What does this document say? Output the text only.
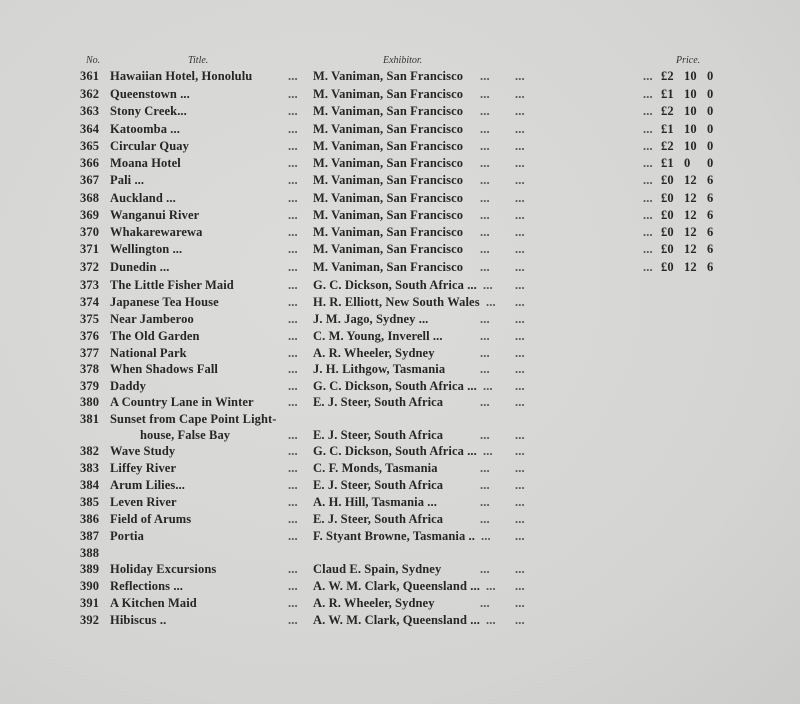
No.	Title.	Exhibitor.	Price.
361 Hawaiian Hotel, Honolulu	... M. Vaniman, San Francisco ... ...	... £2 10 0
362 Queenstown ...	... M. Vaniman, San Francisco ... ...	... £1 10 0
363 Stony Creek...	... M. Vaniman, San Francisco ... ...	... £2 10 0
364 Katoomba ...	... M. Vaniman, San Francisco ... ...	... £1 10 0
365 Circular Quay	... M. Vaniman, San Francisco ... ...	... £2 10 0
366 Moana Hotel	... M. Vaniman, San Francisco ... ...	... £1 0 0
367 Pali ...	... M. Vaniman, San Francisco ... ...	... £0 12 6
368 Auckland ...	... M. Vaniman, San Francisco ... ...	... £0 12 6
369 Wanganui River	... M. Vaniman, San Francisco ... ...	... £0 12 6
370 Whakarewarewa	... M. Vaniman, San Francisco ... ...	... £0 12 6
371 Wellington ...	... M. Vaniman, San Francisco ... ...	... £0 12 6
372 Dunedin ...	... M. Vaniman, San Francisco ... ...	... £0 12 6
373 The Little Fisher Maid	... G. C. Dickson, South Africa ... ... ...
374 Japanese Tea House	... H. R. Elliott, New South Wales ... ...
375 Near Jamberoo	... J. M. Jago, Sydney ...	... ...
376 The Old Garden	... C. M. Young, Inverell ...	... ...
377 National Park	... A. R. Wheeler, Sydney	... ...
378 When Shadows Fall	... J. H. Lithgow, Tasmania	... ...
379 Daddy	... G. C. Dickson, South Africa ... ... ...
380 A Country Lane in Winter	... E. J. Steer, South Africa	... ...
381 Sunset from Cape Point Light-
house, False Bay	... E. J. Steer, South Africa	... ...
382 Wave Study	... G. C. Dickson, South Africa ... ... ...
383 Liffey River	... C. F. Monds, Tasmania	... ...
384 Arum Lilies...	... E. J. Steer, South Africa	... ...
385 Leven River	... A. H. Hill, Tasmania ...	... ...
386 Field of Arums	... E. J. Steer, South Africa	... ...
387 Portia	... F. Styant Browne, Tasmania .. ... ...
388
389 Holiday Excursions	... Claud E. Spain, Sydney	... ...
390 Reflections ...	... A. W. M. Clark, Queensland ... ... ...
391 A Kitchen Maid	... A. R. Wheeler, Sydney	... ...
392 Hibiscus ..	... A. W. M. Clark, Queensland ... ... ...
